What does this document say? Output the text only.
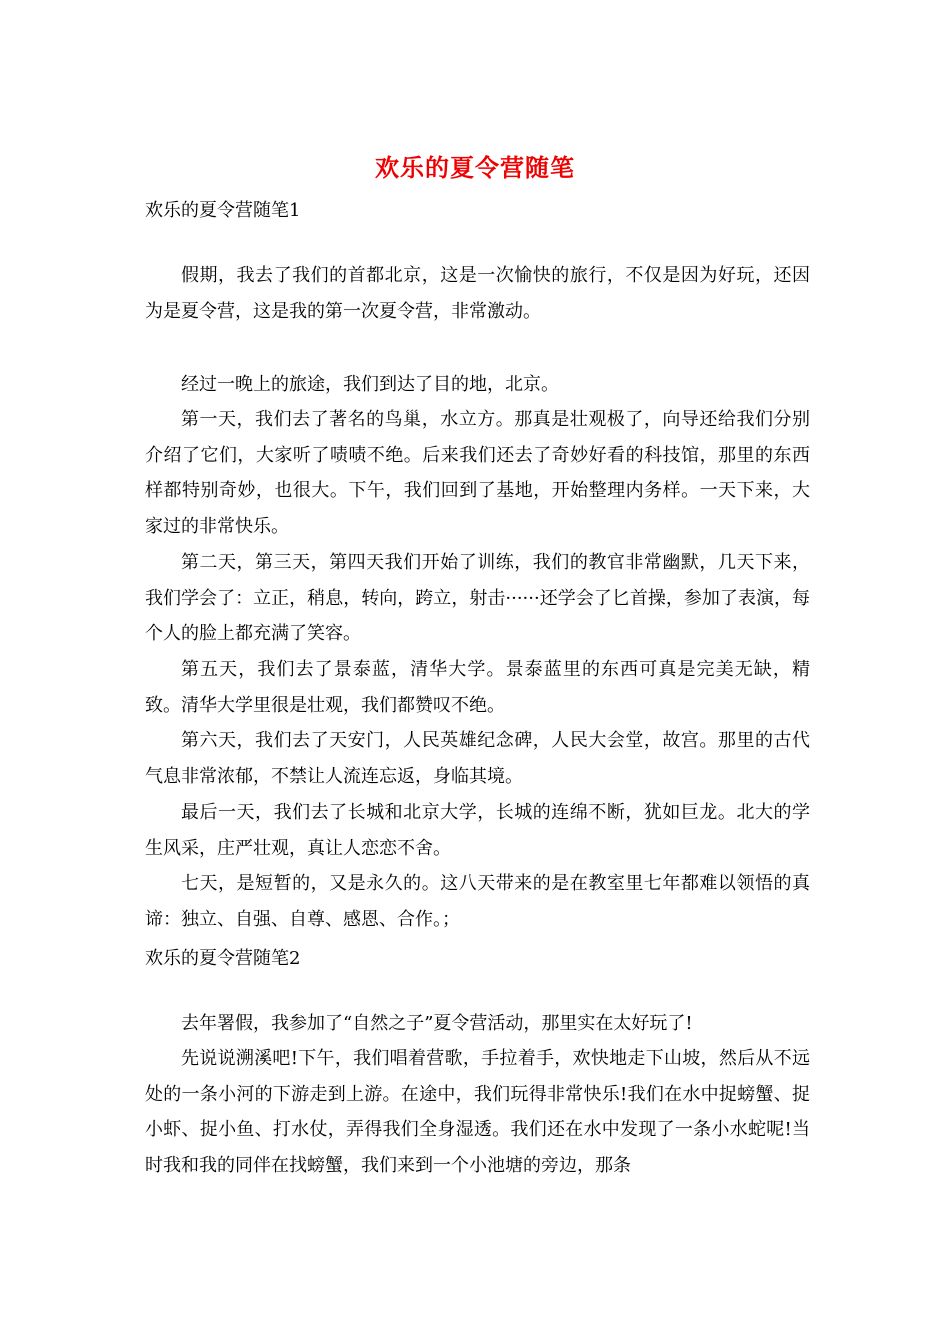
欢乐的夏令营随笔
欢乐的夏令营随笔1

假期，我去了我们的首都北京，这是一次愉快的旅行，不仅是因为好玩，还因为是夏令营，这是我的第一次夏令营，非常激动。

经过一晚上的旅途，我们到达了目的地，北京。

第一天，我们去了著名的鸟巢，水立方。那真是壮观极了，向导还给我们分别介绍了它们，大家听了啧啧不绝。后来我们还去了奇妙好看的科技馆，那里的东西样都特别奇妙，也很大。下午，我们回到了基地，开始整理内务样。一天下来，大家过的非常快乐。

第二天，第三天，第四天我们开始了训练，我们的教官非常幽默，几天下来，我们学会了：立正，稍息，转向，跨立，射击······还学会了匕首操，参加了表演，每个人的脸上都充满了笑容。

第五天，我们去了景泰蓝，清华大学。景泰蓝里的东西可真是完美无缺，精致。清华大学里很是壮观，我们都赞叹不绝。

第六天，我们去了天安门，人民英雄纪念碑，人民大会堂，故宫。那里的古代气息非常浓郁，不禁让人流连忘返，身临其境。

最后一天，我们去了长城和北京大学，长城的连绵不断，犹如巨龙。北大的学生风采，庄严壮观，真让人恋恋不舍。

七天，是短暂的，又是永久的。这八天带来的是在教室里七年都难以领悟的真谛：独立、自强、自尊、感恩、合作。；

欢乐的夏令营随笔2

去年署假，我参加了“自然之子”夏令营活动，那里实在太好玩了!

先说说溯溪吧!下午，我们唱着营歌，手拉着手，欢快地走下山坡，然后从不远处的一条小河的下游走到上游。在途中，我们玩得非常快乐!我们在水中捉螃蟹、捉小虾、捉小鱼、打水仗，弄得我们全身湿透。我们还在水中发现了一条小水蛇呢!当时我和我的同伴在找螃蟹，我们来到一个小池塘的旁边，那条
